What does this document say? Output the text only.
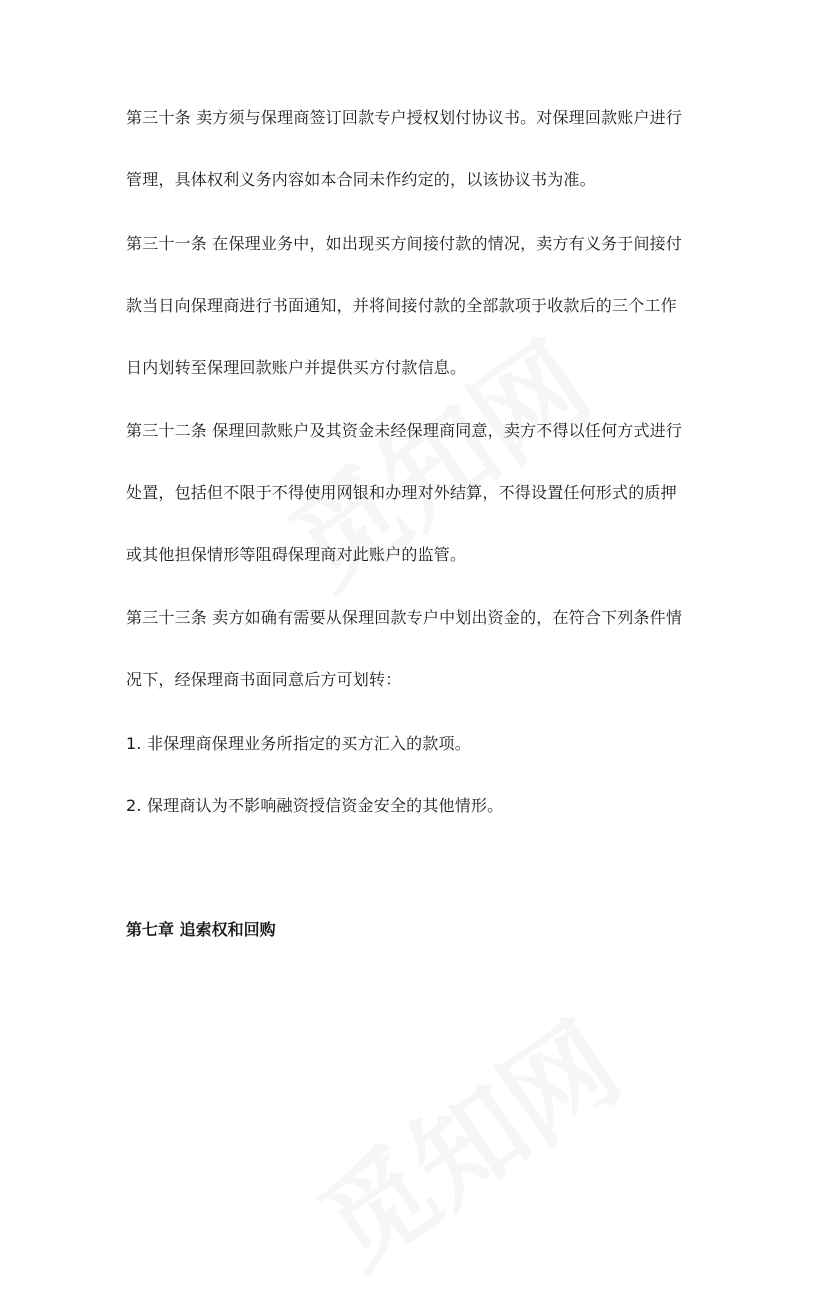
第三十条 卖方须与保理商签订回款专户授权划付协议书。对保理回款账户进行
管理，具体权利义务内容如本合同未作约定的，以该协议书为准。
第三十一条 在保理业务中，如出现买方间接付款的情况，卖方有义务于间接付
款当日向保理商进行书面通知，并将间接付款的全部款项于收款后的三个工作
日内划转至保理回款账户并提供买方付款信息。
第三十二条 保理回款账户及其资金未经保理商同意，卖方不得以任何方式进行
处置，包括但不限于不得使用网银和办理对外结算，不得设置任何形式的质押
或其他担保情形等阻碍保理商对此账户的监管。
第三十三条 卖方如确有需要从保理回款专户中划出资金的，在符合下列条件情
况下，经保理商书面同意后方可划转：
1. 非保理商保理业务所指定的买方汇入的款项。
2. 保理商认为不影响融资授信资金安全的其他情形。
第七章 追索权和回购
